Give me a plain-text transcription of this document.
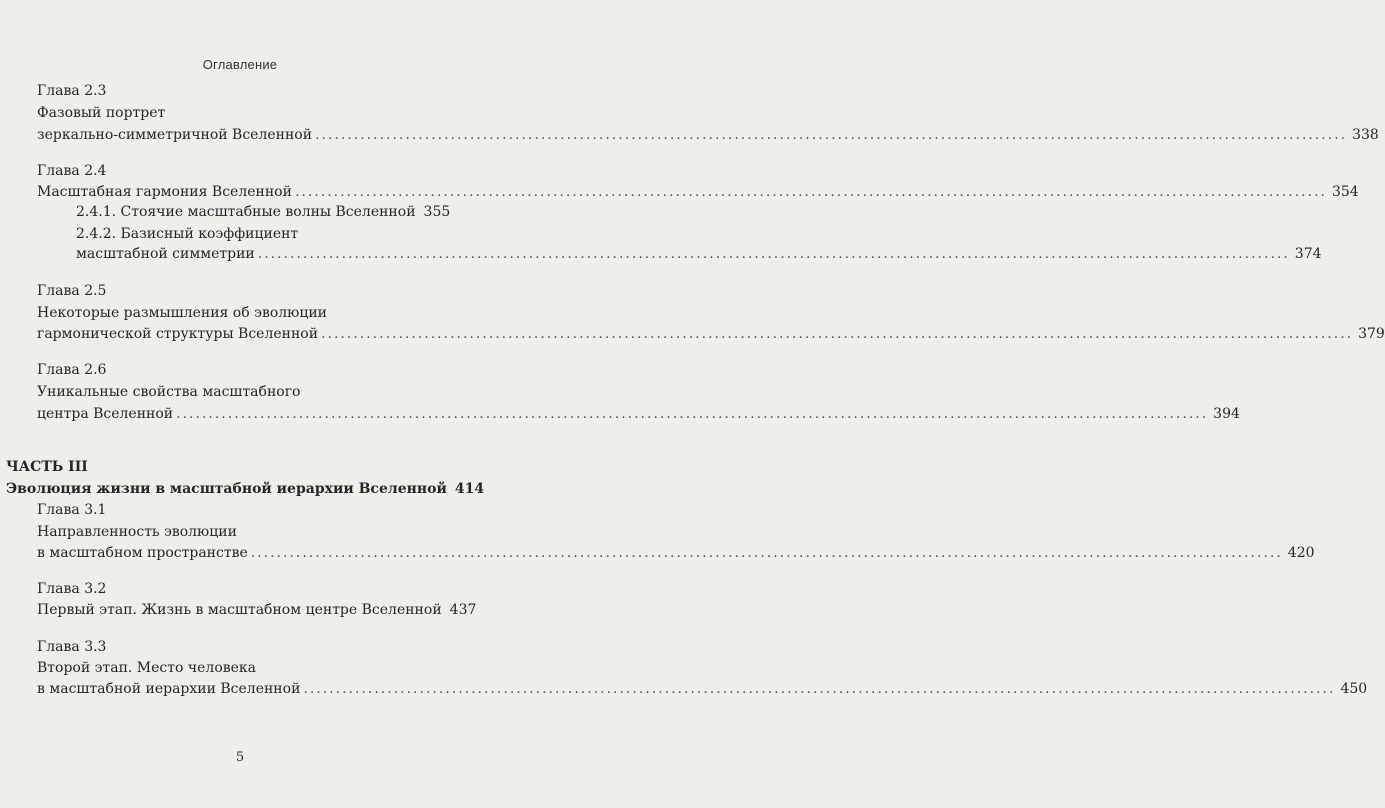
Оглавление
Глава 2.3
Фазовый портрет
зеркально-симметричной Вселенной .....	338
Глава 2.4
Масштабная гармония Вселенной .....	354
2.4.1. Стоячие масштабные волны Вселенной 355
2.4.2. Базисный коэффициент
масштабной симметрии .....	374
Глава 2.5
Некоторые размышления об эволюции
гармонической структуры Вселенной .....	379
Глава 2.6
Уникальные свойства масштабного
центра Вселенной .....	394
ЧАСТЬ III
Эволюция жизни в масштабной иерархии Вселенной 414
Глава 3.1
Направленность эволюции
в масштабном пространстве .....	420
Глава 3.2
Первый этап. Жизнь в масштабном центре Вселенной 437
Глава 3.3
Второй этап. Место человека
в масштабной иерархии Вселенной .....	450
5
